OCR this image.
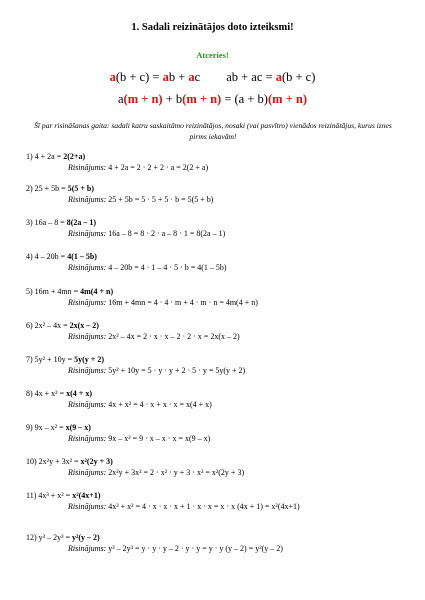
1. Sadali reizinātājos doto izteiksmi!
Atceries!
a(b + c) = ab + ac ab + ac = a(b + c)
a(m + n) + b(m + n) = (a + b)(m + n)
Šī par risināšanas gaita: sadali katru saskaitāmo reizinātājos, nosaki (vai pasvītro) vienādos reizinātājus, kurus iznes pirms iekavām!
1) 4 + 2a = 2(2+a)
Risinājums: 4 + 2a = 2 · 2 + 2 · a = 2(2 + a)
2) 25 + 5b = 5(5 + b)
Risinājums: 25 + 5b = 5 · 5 + 5 · b = 5(5 + b)
3) 16a – 8 = 8(2a – 1)
Risinājums: 16a – 8 = 8 · 2 · a – 8 · 1 = 8(2a – 1)
4) 4 – 20b = 4(1 – 5b)
Risinājums: 4 – 20b = 4 · 1 – 4 · 5 · b = 4(1 – 5b)
5) 16m + 4mn = 4m(4 + n)
Risinājums: 16m + 4mn = 4 · 4 · m + 4 · m · n = 4m(4 + n)
6) 2x² – 4x = 2x(x – 2)
Risinājums: 2x² – 4x = 2 · x · x – 2 · 2 · x = 2x(x – 2)
7) 5y² + 10y = 5y(y + 2)
Risinājums: 5y² + 10y = 5 · y · y + 2 · 5 · y = 5y(y + 2)
8) 4x + x² = x(4 + x)
Risinājums: 4x + x² = 4 · x + x · x = x(4 + x)
9) 9x – x² = x(9 – x)
Risinājums: 9x – x² = 9 · x – x · x = x(9 – x)
10) 2x²y + 3x² = x²(2y + 3)
Risinājums: 2x²y + 3x² = 2 · x² · y + 3 · x² = x²(2y + 3)
11) 4x³ + x² = x²(4x+1)
Risinājums: 4x³ + x² = 4 · x · x · x + 1 · x · x = x · x (4x + 1) = x²(4x+1)
12) y³ – 2y³ = y²(y – 2)
Risinājums: y³ – 2y³ = y · y · y – 2 · y · y = y · y (y – 2) = y²(y – 2)
